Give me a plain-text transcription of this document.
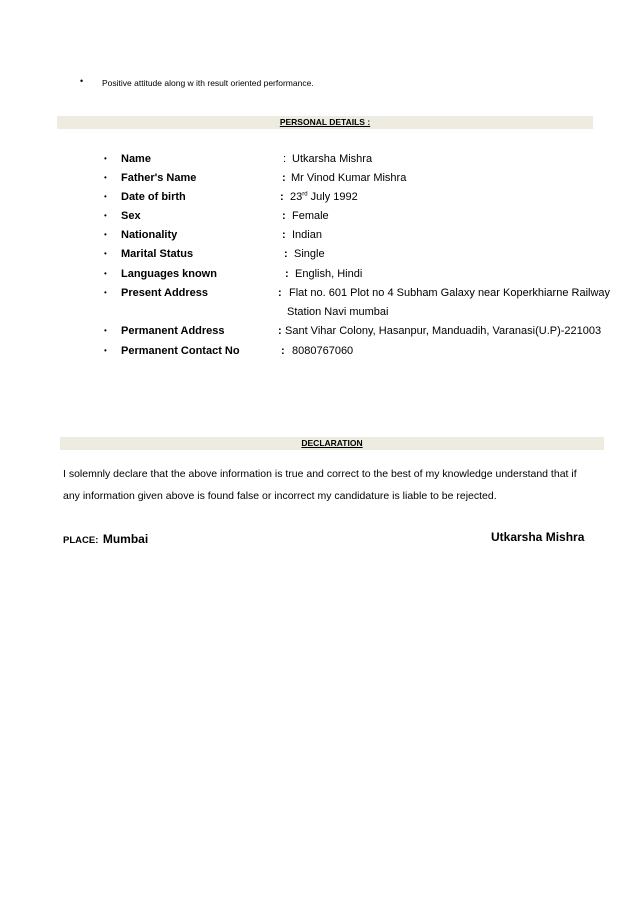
• Positive attitude along w ith result oriented performance.
PERSONAL DETAILS :
• Name	: Utkarsha Mishra
• Father's Name	: Mr Vinod Kumar Mishra
• Date of birth	: 23rd July 1992
• Sex	: Female
• Nationality	: Indian
• Marital Status	: Single
• Languages known	: English, Hindi
• Present Address	: Flat no. 601 Plot no 4 Subham Galaxy near Koperkhiarne Railway
Station Navi mumbai
• Permanent Address	: Sant Vihar Colony, Hasanpur, Manduadih, Varanasi(U.P)-221003
• Permanent Contact No	: 8080767060
DECLARATION
I solemnly declare that the above information is true and correct to the best of my knowledge understand that if
any information given above is found false or incorrect my candidature is liable to be rejected.
PLACE: Mumbai	Utkarsha Mishra
